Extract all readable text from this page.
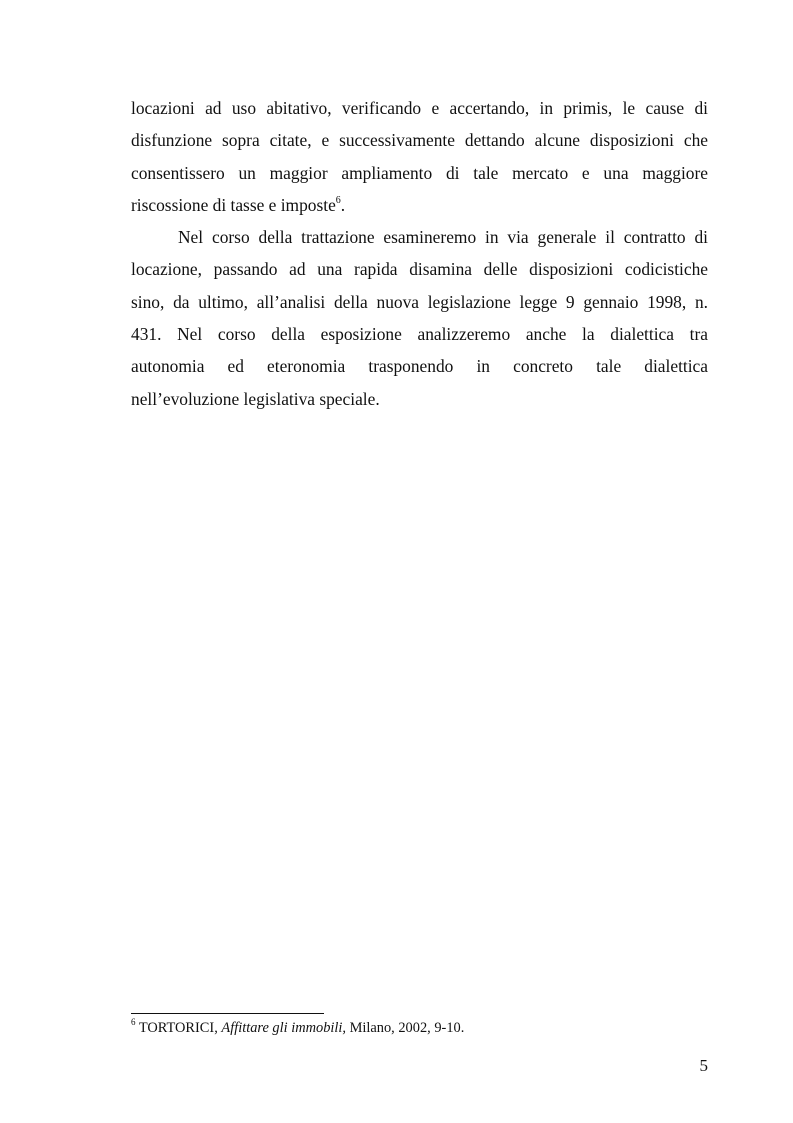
locazioni ad uso abitativo, verificando e accertando, in primis, le cause di
disfunzione sopra citate, e successivamente dettando alcune disposizioni che
consentissero un maggior ampliamento di tale mercato e una maggiore
riscossione di tasse e imposte$^6$.
Nel corso della trattazione esamineremo in via generale il contratto di
locazione, passando ad una rapida disamina delle disposizioni codicistiche
sino, da ultimo, all’analisi della nuova legislazione legge 9 gennaio 1998, n.
431. Nel corso della esposizione analizzeremo anche la dialettica tra
autonomia ed eteronomia trasponendo in concreto tale dialettica
nell’evoluzione legislativa speciale.
$^6$ TORTORICI, Affittare gli immobili, Milano, 2002, 9-10.
5
